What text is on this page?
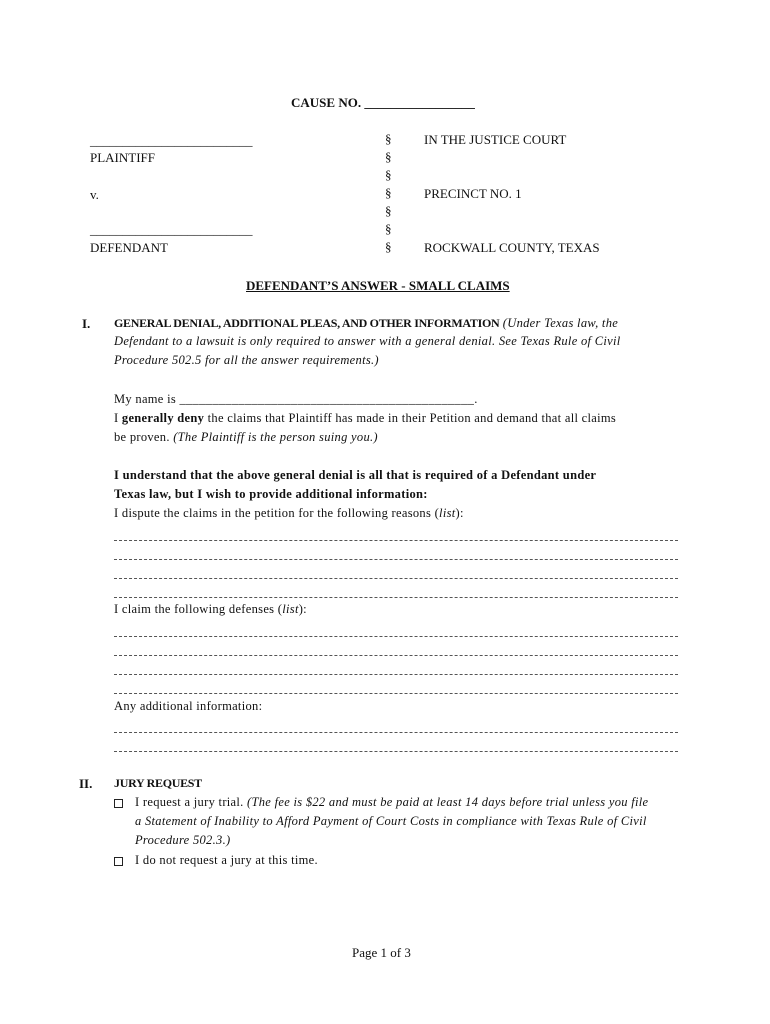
CAUSE NO. _________________
_________________________
PLAINTIFF
v.
_________________________
DEFENDANT
§
§
§
§
§
§
§
IN THE JUSTICE COURT
PRECINCT NO. 1
ROCKWALL COUNTY, TEXAS
DEFENDANT’S ANSWER - SMALL CLAIMS
I. GENERAL DENIAL, ADDITIONAL PLEAS, AND OTHER INFORMATION (Under Texas law, the
Defendant to a lawsuit is only required to answer with a general denial. See Texas Rule of Civil
Procedure 502.5 for all the answer requirements.)
My name is _____________________________________________.
I generally deny the claims that Plaintiff has made in their Petition and demand that all claims
be proven. (The Plaintiff is the person suing you.)
I understand that the above general denial is all that is required of a Defendant under
Texas law, but I wish to provide additional information:
I dispute the claims in the petition for the following reasons (list):
I claim the following defenses (list):
Any additional information:
II. JURY REQUEST
I request a jury trial. (The fee is $22 and must be paid at least 14 days before trial unless you file
a Statement of Inability to Afford Payment of Court Costs in compliance with Texas Rule of Civil
Procedure 502.3.)
I do not request a jury at this time.
Page 1 of 3
